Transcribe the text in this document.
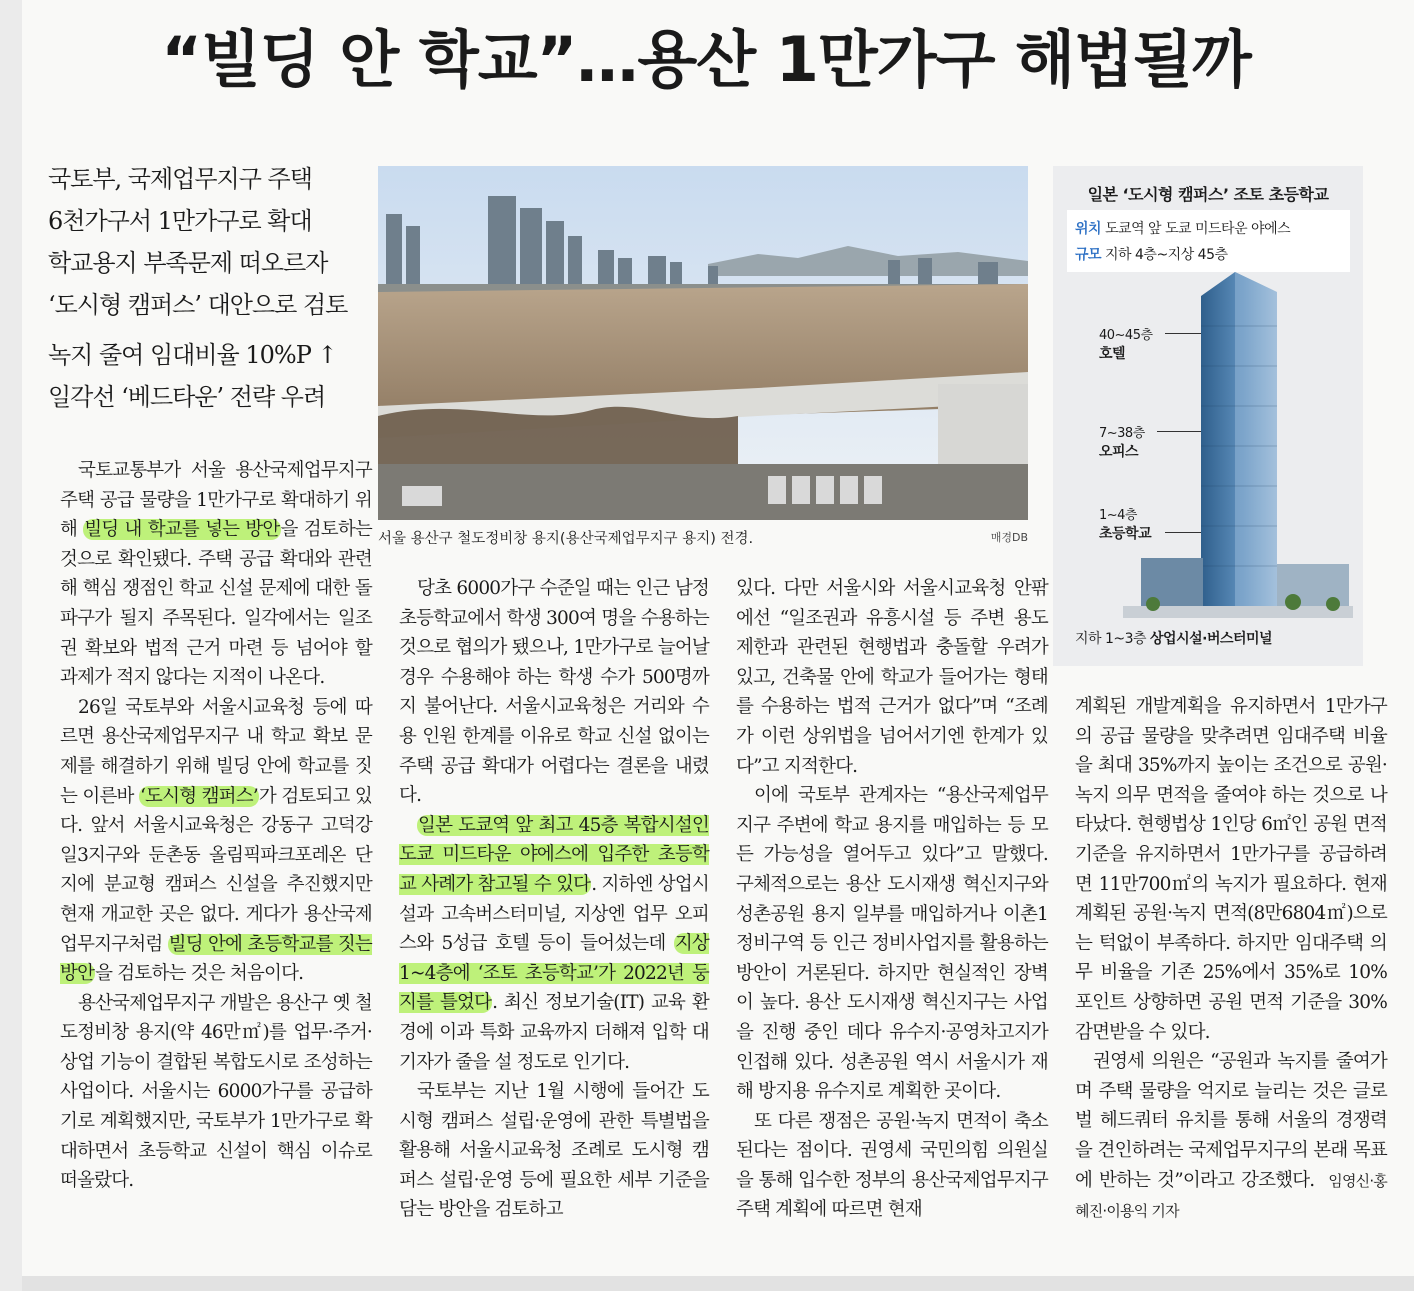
“빌딩 안 학교”…용산 1만가구 해법될까
국토부, 국제업무지구 주택
6천가구서 1만가구로 확대
학교용지 부족문제 떠오르자
‘도시형 캠퍼스’ 대안으로 검토
녹지 줄여 임대비율 10%P ↑
일각선 ‘베드타운’ 전략 우려

국토교통부가 서울 용산국제업무지구 주택 공급 물량을 1만가구로 확대하기 위해 빌딩 내 학교를 넣는 방안을 검토하는 것으로 확인됐다. 주택 공급 확대와 관련해 핵심 쟁점인 학교 신설 문제에 대한 돌파구가 될지 주목된다. 일각에서는 일조권 확보와 법적 근거 마련 등 넘어야 할 과제가 적지 않다는 지적이 나온다.

26일 국토부와 서울시교육청 등에 따르면 용산국제업무지구 내 학교 확보 문제를 해결하기 위해 빌딩 안에 학교를 짓는 이른바 ‘도시형 캠퍼스’가 검토되고 있다. 앞서 서울시교육청은 강동구 고덕강일3지구와 둔촌동 올림픽파크포레온 단지에 분교형 캠퍼스 신설을 추진했지만 현재 개교한 곳은 없다. 게다가 용산국제업무지구처럼 빌딩 안에 초등학교를 짓는 방안을 검토하는 것은 처음이다.

용산국제업무지구 개발은 용산구 옛 철도정비창 용지(약 46만㎡)를 업무·주거·상업 기능이 결합된 복합도시로 조성하는 사업이다. 서울시는 6000가구를 공급하기로 계획했지만, 국토부가 1만가구로 확대하면서 초등학교 신설이 핵심 이슈로 떠올랐다.

서울 용산구 철도정비창 용지(용산국제업무지구 용지) 전경.	매경DB

당초 6000가구 수준일 때는 인근 남정초등학교에서 학생 300여 명을 수용하는 것으로 협의가 됐으나, 1만가구로 늘어날 경우 수용해야 하는 학생 수가 500명까지 불어난다. 서울시교육청은 거리와 수용 인원 한계를 이유로 학교 신설 없이는 주택 공급 확대가 어렵다는 결론을 내렸다.

일본 도쿄역 앞 최고 45층 복합시설인 도쿄 미드타운 야에스에 입주한 초등학교 사례가 참고될 수 있다. 지하엔 상업시설과 고속버스터미널, 지상엔 업무 오피스와 5성급 호텔 등이 들어섰는데 지상 1~4층에 ‘조토 초등학교’가 2022년 둥지를 틀었다. 최신 정보기술(IT) 교육 환경에 이과 특화 교육까지 더해져 입학 대기자가 줄을 설 정도로 인기다.

국토부는 지난 1월 시행에 들어간 도시형 캠퍼스 설립·운영에 관한 특별법을 활용해 서울시교육청 조례로 도시형 캠퍼스 설립·운영 등에 필요한 세부 기준을 담는 방안을 검토하고

있다. 다만 서울시와 서울시교육청 안팎에선 “일조권과 유흥시설 등 주변 용도 제한과 관련된 현행법과 충돌할 우려가 있고, 건축물 안에 학교가 들어가는 형태를 수용하는 법적 근거가 없다”며 “조례가 이런 상위법을 넘어서기엔 한계가 있다”고 지적한다.

이에 국토부 관계자는 “용산국제업무지구 주변에 학교 용지를 매입하는 등 모든 가능성을 열어두고 있다”고 말했다. 구체적으로는 용산 도시재생 혁신지구와 성촌공원 용지 일부를 매입하거나 이촌1정비구역 등 인근 정비사업지를 활용하는 방안이 거론된다. 하지만 현실적인 장벽이 높다. 용산 도시재생 혁신지구는 사업을 진행 중인 데다 유수지·공영차고지가 인접해 있다. 성촌공원 역시 서울시가 재해 방지용 유수지로 계획한 곳이다.

또 다른 쟁점은 공원·녹지 면적이 축소된다는 점이다. 권영세 국민의힘 의원실을 통해 입수한 정부의 용산국제업무지구 주택 계획에 따르면 현재

계획된 개발계획을 유지하면서 1만가구의 공급 물량을 맞추려면 임대주택 비율을 최대 35%까지 높이는 조건으로 공원·녹지 의무 면적을 줄여야 하는 것으로 나타났다. 현행법상 1인당 6㎡인 공원 면적 기준을 유지하면서 1만가구를 공급하려면 11만700㎡의 녹지가 필요하다. 현재 계획된 공원·녹지 면적(8만6804㎡)으로는 턱없이 부족하다. 하지만 임대주택 의무 비율을 기존 25%에서 35%로 10%포인트 상향하면 공원 면적 기준을 30% 감면받을 수 있다.

권영세 의원은 “공원과 녹지를 줄여가며 주택 물량을 억지로 늘리는 것은 글로벌 헤드쿼터 유치를 통해 서울의 경쟁력을 견인하려는 국제업무지구의 본래 목표에 반하는 것”이라고 강조했다. 임영신·홍혜진·이용익 기자

일본 ‘도시형 캠퍼스’ 조토 초등학교
위치 도쿄역 앞 도쿄 미드타운 야에스
규모 지하 4층~지상 45층
40~45층
호텔
7~38층
오피스
1~4층
초등학교
지하 1~3층 상업시설·버스터미널
